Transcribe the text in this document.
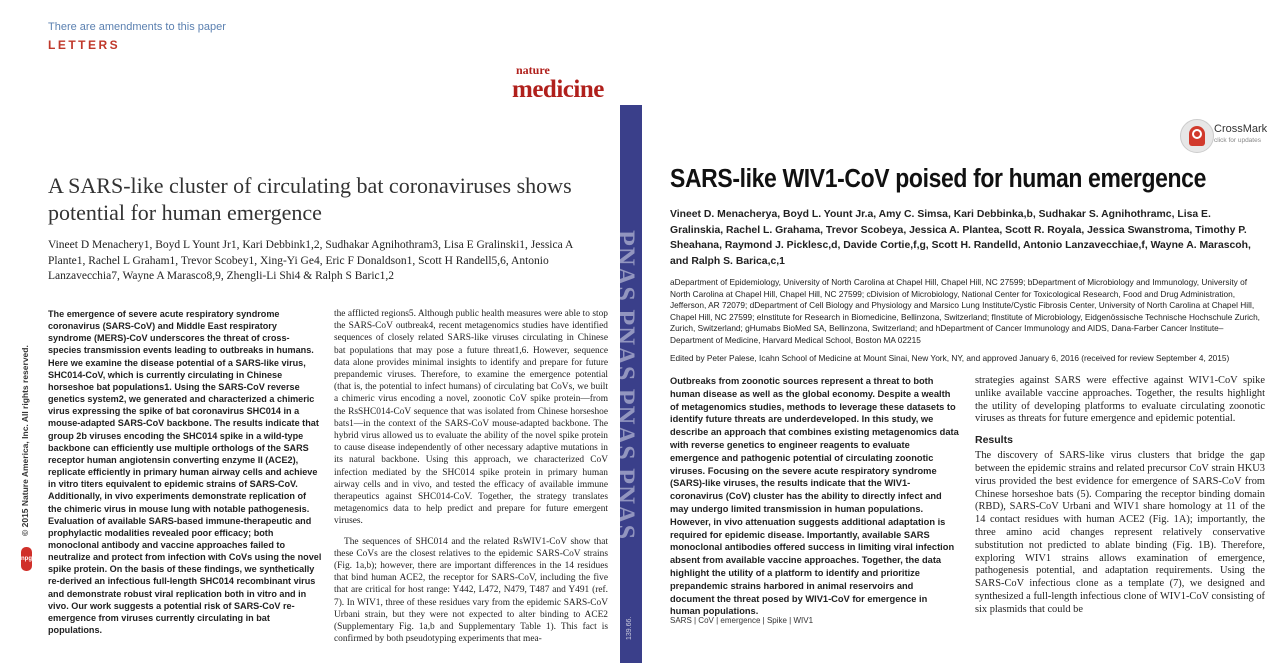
There are amendments to this paper
LETTERS
nature
medicine
A SARS-like cluster of circulating bat coronaviruses shows potential for human emergence
Vineet D Menachery1, Boyd L Yount Jr1, Kari Debbink1,2, Sudhakar Agnihothram3, Lisa E Gralinski1, Jessica A Plante1, Rachel L Graham1, Trevor Scobey1, Xing-Yi Ge4, Eric F Donaldson1, Scott H Randell5,6, Antonio Lanzavecchia7, Wayne A Marasco8,9, Zhengli-Li Shi4 & Ralph S Baric1,2
© 2015 Nature America, Inc. All rights reserved.
npg
The emergence of severe acute respiratory syndrome coronavirus (SARS-CoV) and Middle East respiratory syndrome (MERS)-CoV underscores the threat of cross-species transmission events leading to outbreaks in humans. Here we examine the disease potential of a SARS-like virus, SHC014-CoV, which is currently circulating in Chinese horseshoe bat populations1. Using the SARS-CoV reverse genetics system2, we generated and characterized a chimeric virus expressing the spike of bat coronavirus SHC014 in a mouse-adapted SARS-CoV backbone. The results indicate that group 2b viruses encoding the SHC014 spike in a wild-type backbone can efficiently use multiple orthologs of the SARS receptor human angiotensin converting enzyme II (ACE2), replicate efficiently in primary human airway cells and achieve in vitro titers equivalent to epidemic strains of SARS-CoV. Additionally, in vivo experiments demonstrate replication of the chimeric virus in mouse lung with notable pathogenesis. Evaluation of available SARS-based immune-therapeutic and prophylactic modalities revealed poor efficacy; both monoclonal antibody and vaccine approaches failed to neutralize and protect from infection with CoVs using the novel spike protein. On the basis of these findings, we synthetically re-derived an infectious full-length SHC014 recombinant virus and demonstrate robust viral replication both in vitro and in vivo. Our work suggests a potential risk of SARS-CoV re-emergence from viruses currently circulating in bat populations.

the afflicted regions5. Although public health measures were able to stop the SARS-CoV outbreak4, recent metagenomics studies have identified sequences of closely related SARS-like viruses circulating in Chinese bat populations that may pose a future threat1,6. However, sequence data alone provides minimal insights to identify and prepare for future prepandemic viruses. Therefore, to examine the emergence potential (that is, the potential to infect humans) of circulating bat CoVs, we built a chimeric virus encoding a novel, zoonotic CoV spike protein—from the RsSHC014-CoV sequence that was isolated from Chinese horseshoe bats1—in the context of the SARS-CoV mouse-adapted backbone. The hybrid virus allowed us to evaluate the ability of the novel spike protein to cause disease independently of other necessary adaptive mutations in its natural backbone. Using this approach, we characterized CoV infection mediated by the SHC014 spike protein in primary human airway cells and in vivo, and tested the efficacy of available immune therapeutics against SHC014-CoV. Together, the strategy translates metagenomics data to help predict and prepare for future emergent viruses.

The sequences of SHC014 and the related RsWIV1-CoV show that these CoVs are the closest relatives to the epidemic SARS-CoV strains (Fig. 1a,b); however, there are important differences in the 14 residues that bind human ACE2, the receptor for SARS-CoV, including the five that are critical for host range: Y442, L472, N479, T487 and Y491 (ref. 7). In WIV1, three of these residues vary from the epidemic SARS-CoV Urbani strain, but they were not expected to alter binding to ACE2 (Supplementary Fig. 1a,b and Supplementary Table 1). This fact is confirmed by both pseudotyping experiments that mea-

PNAS PNAS PNAS PNAS
139.66.
CrossMark
click for updates
SARS-like WIV1-CoV poised for human emergence
Vineet D. Menacherya, Boyd L. Yount Jr.a, Amy C. Simsa, Kari Debbinka,b, Sudhakar S. Agnihothramc, Lisa E. Gralinskia, Rachel L. Grahama, Trevor Scobeya, Jessica A. Plantea, Scott R. Royala, Jessica Swanstroma, Timothy P. Sheahana, Raymond J. Picklesc,d, Davide Cortie,f,g, Scott H. Randelld, Antonio Lanzavecchiae,f, Wayne A. Marascoh, and Ralph S. Barica,c,1
aDepartment of Epidemiology, University of North Carolina at Chapel Hill, Chapel Hill, NC 27599; bDepartment of Microbiology and Immunology, University of North Carolina at Chapel Hill, Chapel Hill, NC 27599; cDivision of Microbiology, National Center for Toxicological Research, Food and Drug Administration, Jefferson, AR 72079; dDepartment of Cell Biology and Physiology and Marsico Lung Institute/Cystic Fibrosis Center, University of North Carolina at Chapel Hill, Chapel Hill, NC 27599; eInstitute for Research in Biomedicine, Bellinzona, Switzerland; fInstitute of Microbiology, Eidgenössische Technische Hochschule Zurich, Zurich, Switzerland; gHumabs BioMed SA, Bellinzona, Switzerland; and hDepartment of Cancer Immunology and AIDS, Dana-Farber Cancer Institute–Department of Medicine, Harvard Medical School, Boston MA 02215
Edited by Peter Palese, Icahn School of Medicine at Mount Sinai, New York, NY, and approved January 6, 2016 (received for review September 4, 2015)
Outbreaks from zoonotic sources represent a threat to both human disease as well as the global economy. Despite a wealth of metagenomics studies, methods to leverage these datasets to identify future threats are underdeveloped. In this study, we describe an approach that combines existing metagenomics data with reverse genetics to engineer reagents to evaluate emergence and pathogenic potential of circulating zoonotic viruses. Focusing on the severe acute respiratory syndrome (SARS)-like viruses, the results indicate that the WIV1-coronavirus (CoV) cluster has the ability to directly infect and may undergo limited transmission in human populations. However, in vivo attenuation suggests additional adaptation is required for epidemic disease. Importantly, available SARS monoclonal antibodies offered success in limiting viral infection absent from available vaccine approaches. Together, the data highlight the utility of a platform to identify and prioritize prepandemic strains harbored in animal reservoirs and document the threat posed by WIV1-CoV for emergence in human populations.
SARS | CoV | emergence | Spike | WIV1

strategies against SARS were effective against WIV1-CoV spike unlike available vaccine approaches. Together, the results highlight the utility of developing platforms to evaluate circulating zoonotic viruses as threats for future emergence and epidemic potential.

Results

The discovery of SARS-like virus clusters that bridge the gap between the epidemic strains and related precursor CoV strain HKU3 virus provided the best evidence for emergence of SARS-CoV from Chinese horseshoe bats (5). Comparing the receptor binding domain (RBD), SARS-CoV Urbani and WIV1 share homology at 11 of the 14 contact residues with human ACE2 (Fig. 1A); importantly, the three amino acid changes represent relatively conservative substitution not predicted to ablate binding (Fig. 1B). Therefore, exploring WIV1 strains allows examination of emergence, pathogenesis potential, and adaptation requirements. Using the SARS-CoV infectious clone as a template (7), we designed and synthesized a full-length infectious clone of WIV1-CoV consisting of six plasmids that could be
